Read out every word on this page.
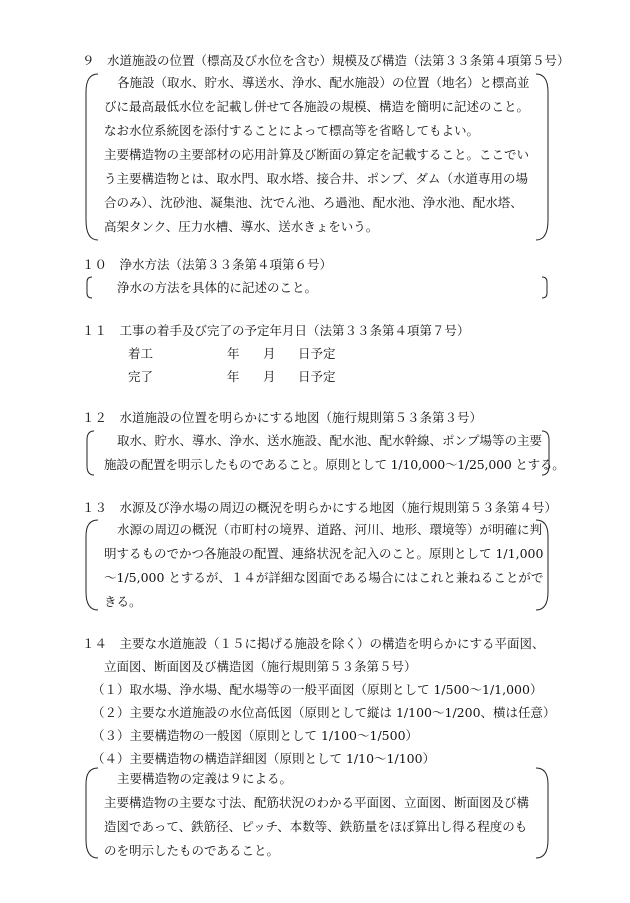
９　水道施設の位置（標高及び水位を含む）規模及び構造（法第３３条第４項第５号）
各施設（取水、貯水、導送水、浄水、配水施設）の位置（地名）と標高並
びに最高最低水位を記載し併せて各施設の規模、構造を簡明に記述のこと。
なお水位系統図を添付することによって標高等を省略してもよい。
主要構造物の主要部材の応用計算及び断面の算定を記載すること。ここでい
う主要構造物とは、取水門、取水塔、接合井、ポンプ、ダム（水道専用の場
合のみ）、沈砂池、凝集池、沈でん池、ろ過池、配水池、浄水池、配水塔、
高架タンク、圧力水槽、導水、送水きょをいう。
１０　浄水方法（法第３３条第４項第６号）
浄水の方法を具体的に記述のこと。
１１　工事の着手及び完了の予定年月日（法第３３条第４項第７号）
着工	年 月 日予定
完了	年 月 日予定
１２　水道施設の位置を明らかにする地図（施行規則第５３条第３号）
取水、貯水、導水、浄水、送水施設、配水池、配水幹線、ポンプ場等の主要
施設の配置を明示したものであること。原則として 1/10,000～1/25,000 とする。
１３　水源及び浄水場の周辺の概況を明らかにする地図（施行規則第５３条第４号）
水源の周辺の概況（市町村の境界、道路、河川、地形、環境等）が明確に判
明するものでかつ各施設の配置、連絡状況を記入のこと。原則として 1/1,000
～1/5,000 とするが、１４が詳細な図面である場合にはこれと兼ねることがで
きる。
１４　主要な水道施設（１５に掲げる施設を除く）の構造を明らかにする平面図、
立面図、断面図及び構造図（施行規則第５３条第５号）
（１）取水場、浄水場、配水場等の一般平面図（原則として 1/500～1/1,000）
（２）主要な水道施設の水位高低図（原則として縦は 1/100～1/200、横は任意）
（３）主要構造物の一般図（原則として 1/100～1/500）
（４）主要構造物の構造詳細図（原則として 1/10～1/100）
主要構造物の定義は９による。
主要構造物の主要な寸法、配筋状況のわかる平面図、立面図、断面図及び構
造図であって、鉄筋径、ピッチ、本数等、鉄筋量をほぼ算出し得る程度のも
のを明示したものであること。
